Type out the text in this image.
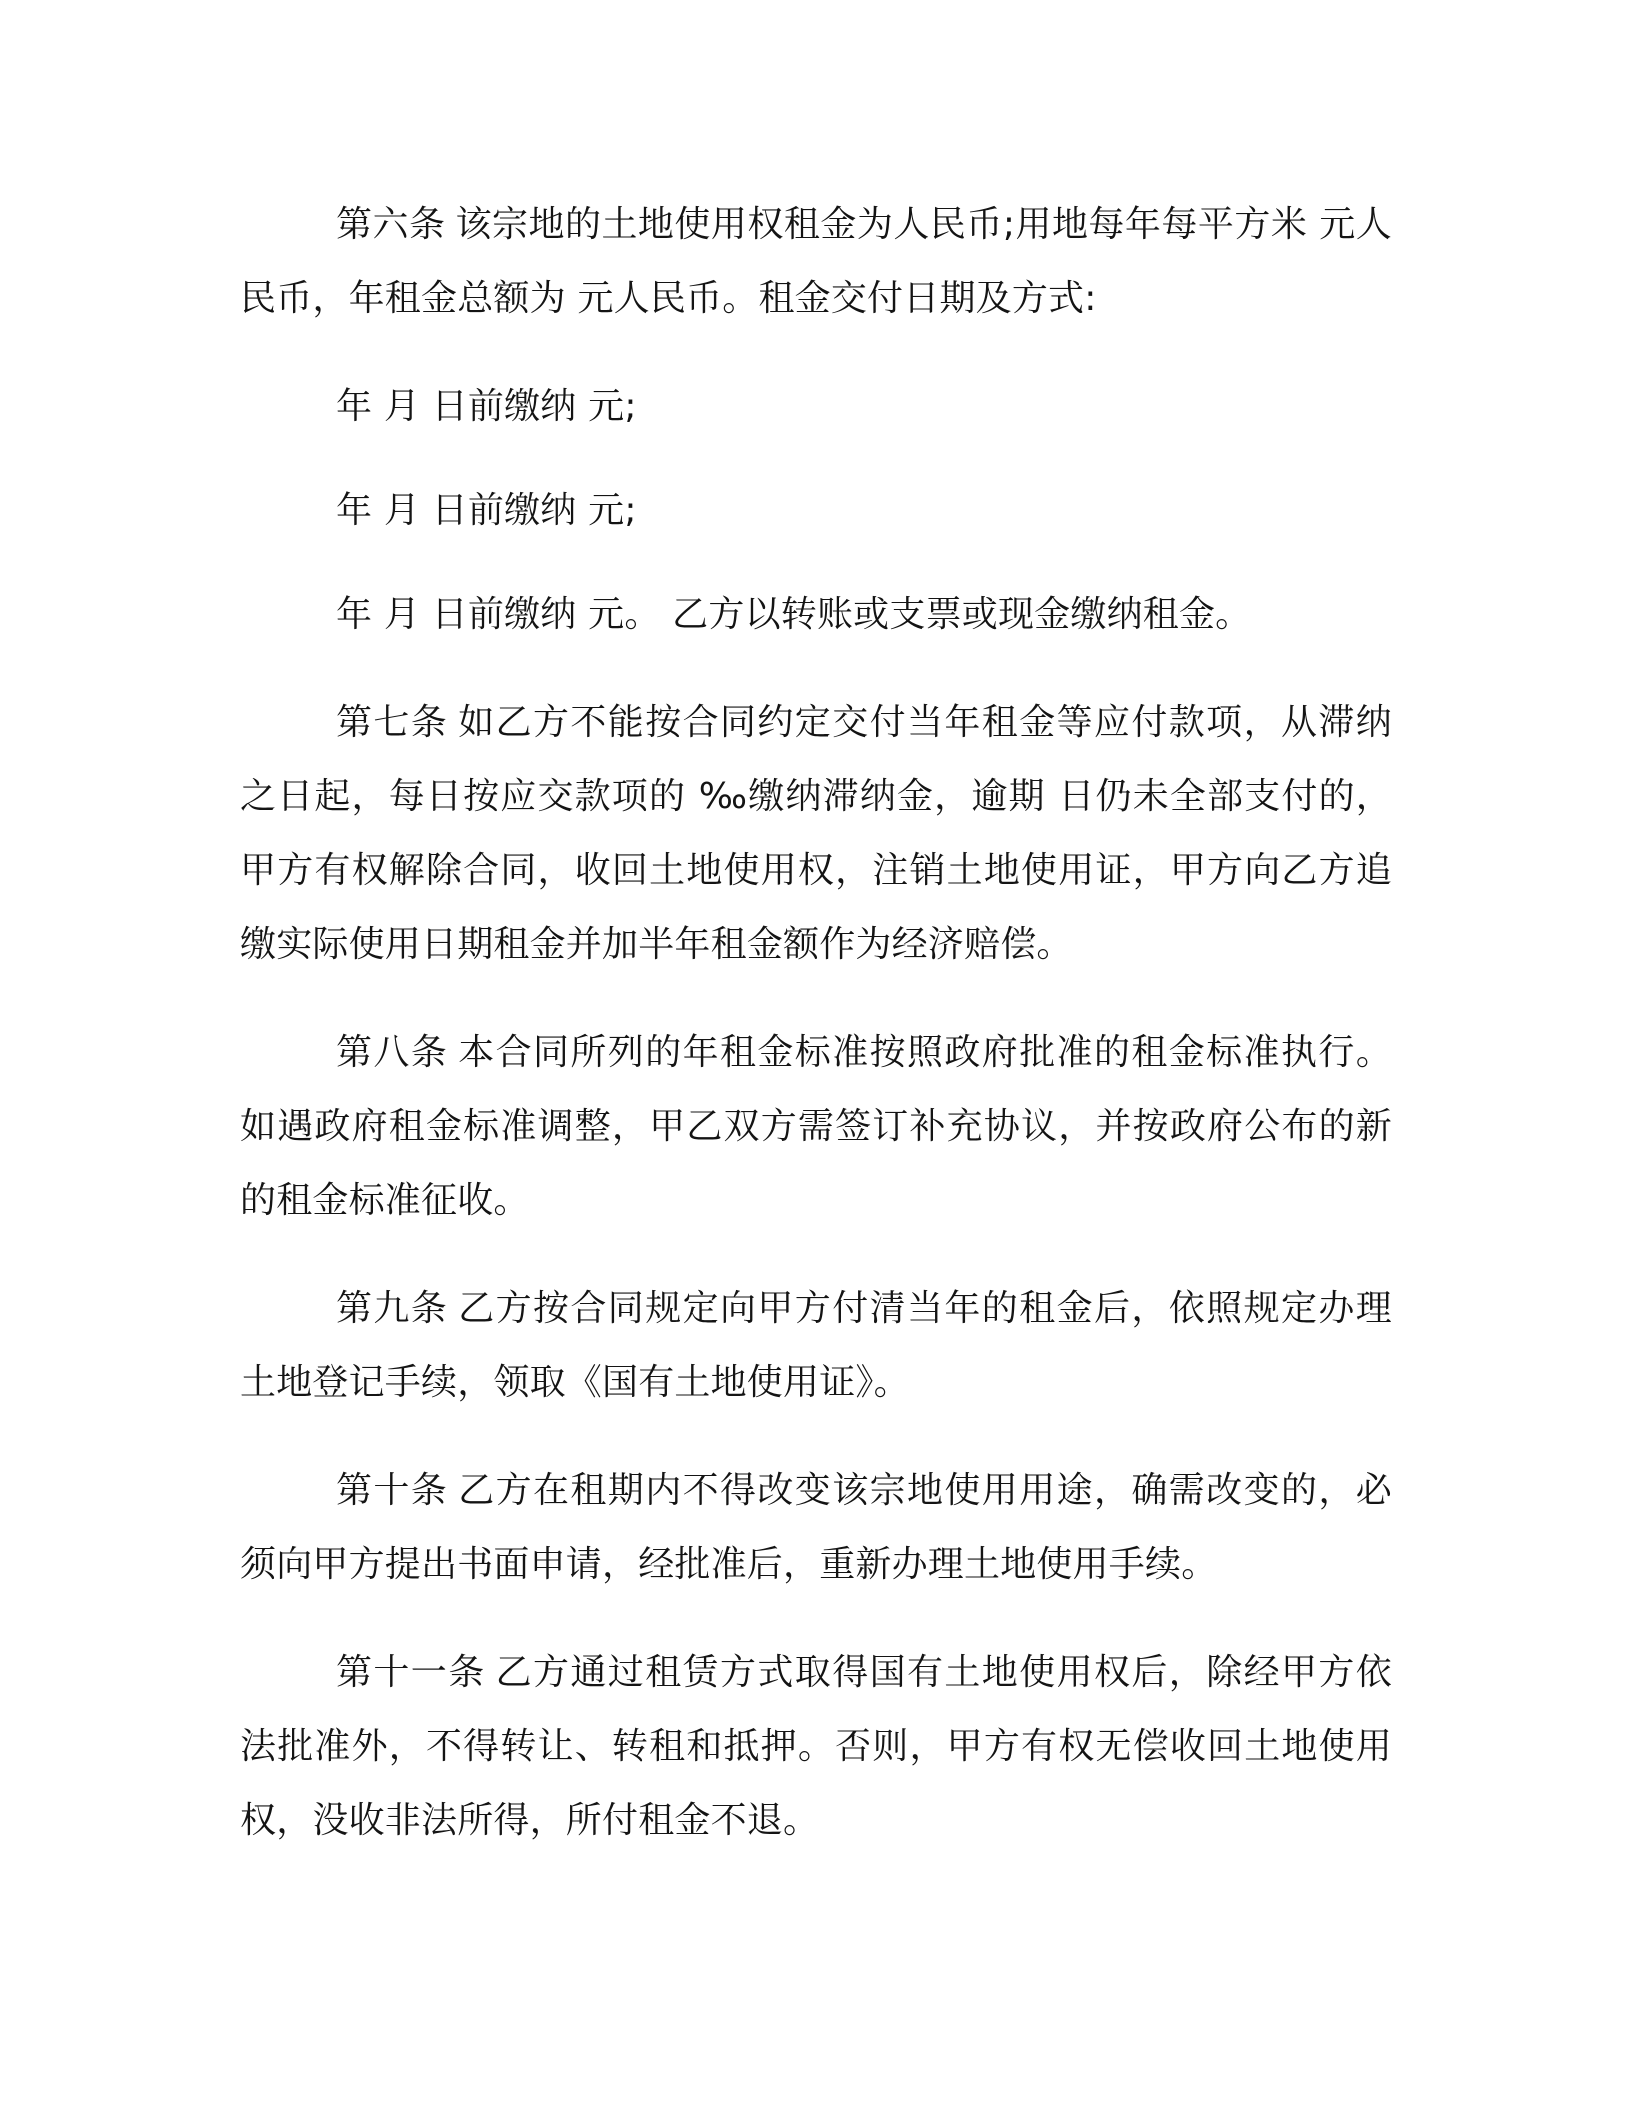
第六条 该宗地的土地使用权租金为人民币;用地每年每平方米 元人民币，年租金总额为 元人民币。租金交付日期及方式:

年 月 日前缴纳 元;

年 月 日前缴纳 元;

年 月 日前缴纳 元。 乙方以转账或支票或现金缴纳租金。

第七条 如乙方不能按合同约定交付当年租金等应付款项，从滞纳之日起，每日按应交款项的 ‰缴纳滞纳金，逾期 日仍未全部支付的，甲方有权解除合同，收回土地使用权，注销土地使用证，甲方向乙方追缴实际使用日期租金并加半年租金额作为经济赔偿。

第八条 本合同所列的年租金标准按照政府批准的租金标准执行。如遇政府租金标准调整，甲乙双方需签订补充协议，并按政府公布的新的租金标准征收。

第九条 乙方按合同规定向甲方付清当年的租金后，依照规定办理土地登记手续，领取《国有土地使用证》。

第十条 乙方在租期内不得改变该宗地使用用途，确需改变的，必须向甲方提出书面申请，经批准后，重新办理土地使用手续。

第十一条 乙方通过租赁方式取得国有土地使用权后，除经甲方依法批准外，不得转让、转租和抵押。否则，甲方有权无偿收回土地使用权，没收非法所得，所付租金不退。
